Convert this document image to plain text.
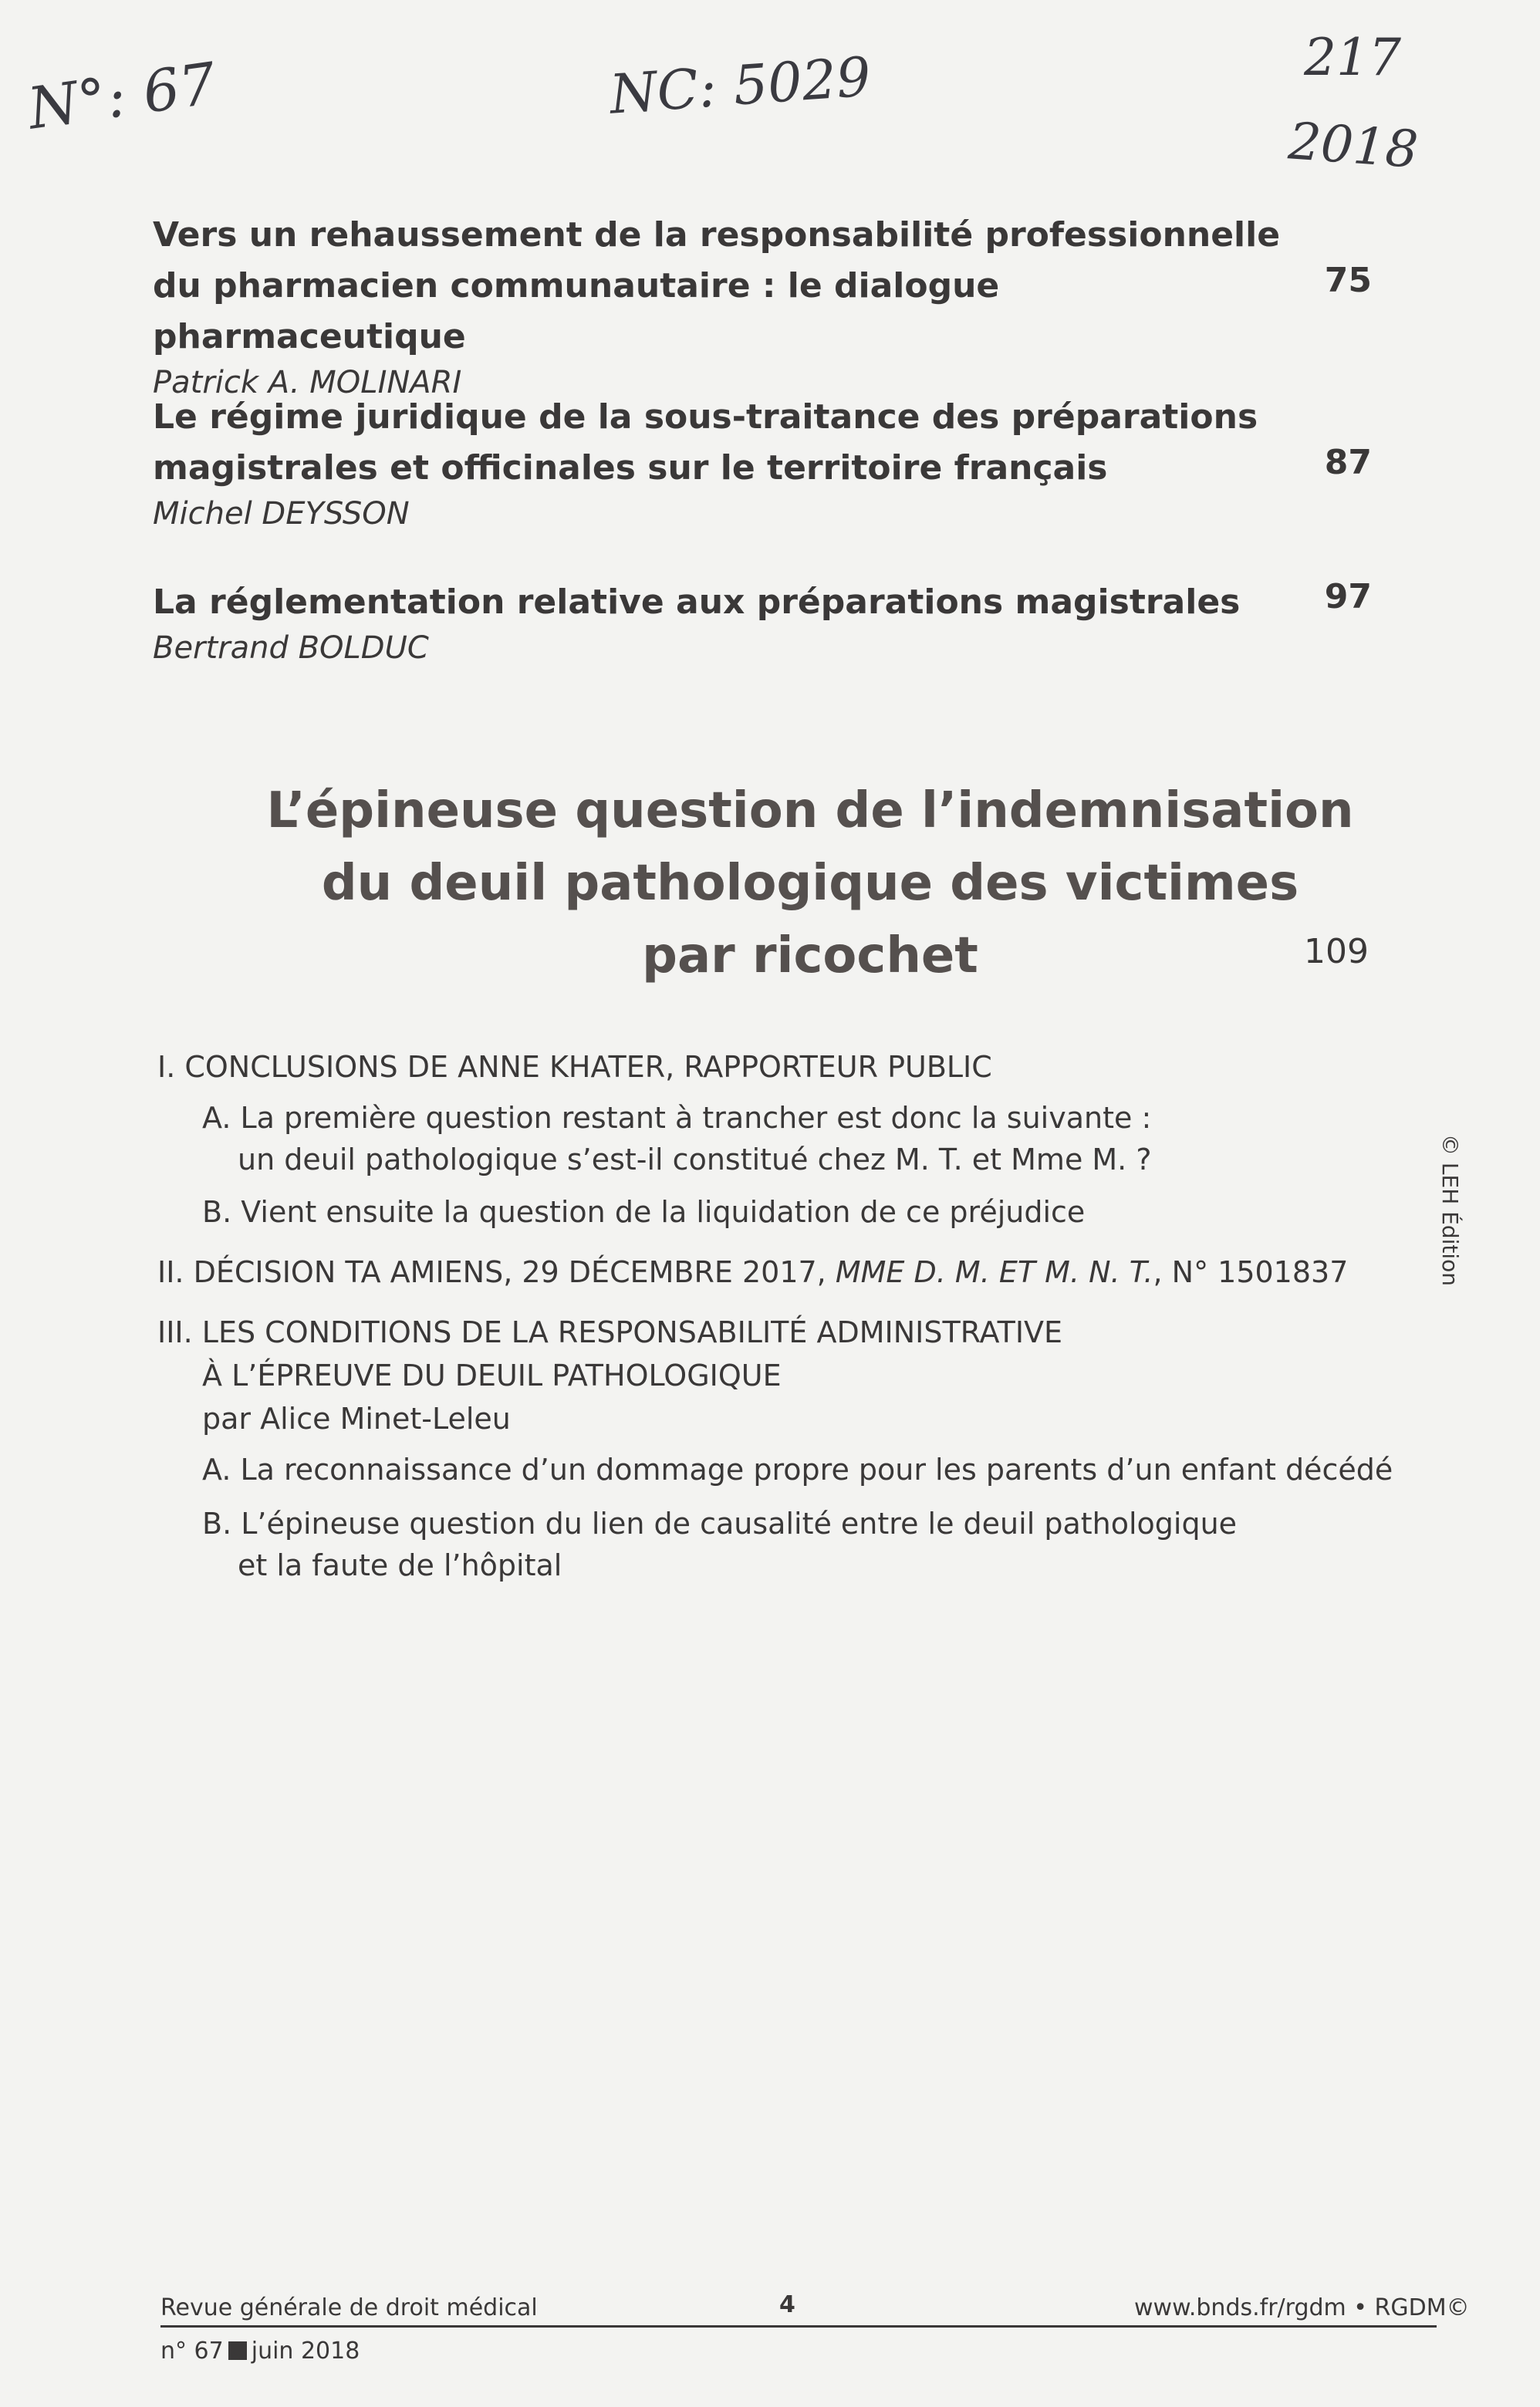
N°: 67	NC: 5029	217
2018
Vers un rehaussement de la responsabilité professionnelle
du pharmacien communautaire : le dialogue pharmaceutique
75
Patrick A. MOLINARI
Le régime juridique de la sous-traitance des préparations
magistrales et officinales sur le territoire français	87
Michel DEYSSON
La réglementation relative aux préparations magistrales	97
Bertrand BOLDUC
L’épineuse question de l’indemnisation
du deuil pathologique des victimes
par ricochet	109
I. CONCLUSIONS DE ANNE KHATER, RAPPORTEUR PUBLIC
A. La première question restant à trancher est donc la suivante :
un deuil pathologique s’est-il constitué chez M. T. et Mme M. ?
B. Vient ensuite la question de la liquidation de ce préjudice
II. DÉCISION TA AMIENS, 29 DÉCEMBRE 2017, MME D. M. ET M. N. T., N° 1501837
III. LES CONDITIONS DE LA RESPONSABILITÉ ADMINISTRATIVE
À L’ÉPREUVE DU DEUIL PATHOLOGIQUE
par Alice Minet-Leleu
A. La reconnaissance d’un dommage propre pour les parents d’un enfant décédé
B. L’épineuse question du lien de causalité entre le deuil pathologique
et la faute de l’hôpital
© LEH Édition
Revue générale de droit médical	4	www.bnds.fr/rgdm • RGDM©
n° 67 juin 2018
